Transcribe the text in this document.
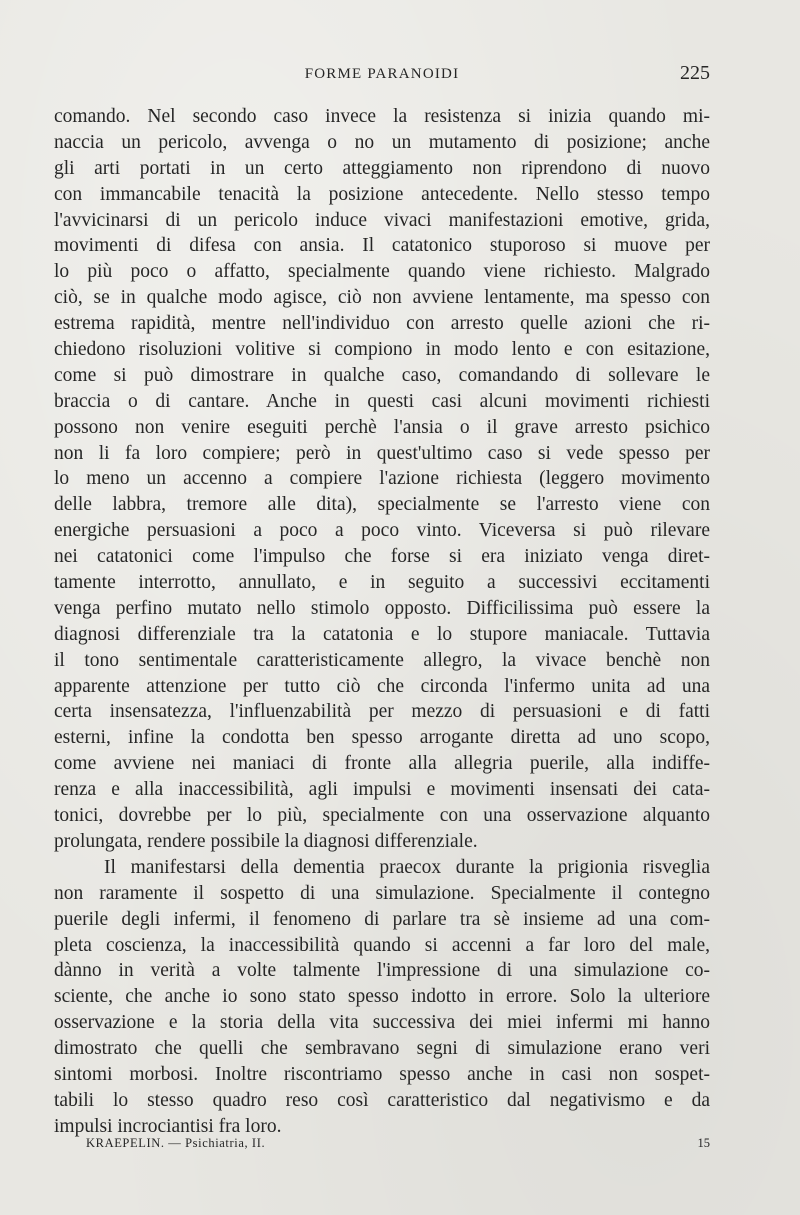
FORME PARANOIDI	225
comando. Nel secondo caso invece la resistenza si inizia quando mi-
naccia un pericolo, avvenga o no un mutamento di posizione; anche
gli arti portati in un certo atteggiamento non riprendono di nuovo
con immancabile tenacità la posizione antecedente. Nello stesso tempo
l'avvicinarsi di un pericolo induce vivaci manifestazioni emotive, grida,
movimenti di difesa con ansia. Il catatonico stuporoso si muove per
lo più poco o affatto, specialmente quando viene richiesto. Malgrado
ciò, se in qualche modo agisce, ciò non avviene lentamente, ma spesso con
estrema rapidità, mentre nell'individuo con arresto quelle azioni che ri-
chiedono risoluzioni volitive si compiono in modo lento e con esitazione,
come si può dimostrare in qualche caso, comandando di sollevare le
braccia o di cantare. Anche in questi casi alcuni movimenti richiesti
possono non venire eseguiti perchè l'ansia o il grave arresto psichico
non li fa loro compiere; però in quest'ultimo caso si vede spesso per
lo meno un accenno a compiere l'azione richiesta (leggero movimento
delle labbra, tremore alle dita), specialmente se l'arresto viene con
energiche persuasioni a poco a poco vinto. Viceversa si può rilevare
nei catatonici come l'impulso che forse si era iniziato venga diret-
tamente interrotto, annullato, e in seguito a successivi eccitamenti
venga perfino mutato nello stimolo opposto. Difficilissima può essere la
diagnosi differenziale tra la catatonia e lo stupore maniacale. Tuttavia
il tono sentimentale caratteristicamente allegro, la vivace benchè non
apparente attenzione per tutto ciò che circonda l'infermo unita ad una
certa insensatezza, l'influenzabilità per mezzo di persuasioni e di fatti
esterni, infine la condotta ben spesso arrogante diretta ad uno scopo,
come avviene nei maniaci di fronte alla allegria puerile, alla indiffe-
renza e alla inaccessibilità, agli impulsi e movimenti insensati dei cata-
tonici, dovrebbe per lo più, specialmente con una osservazione alquanto
prolungata, rendere possibile la diagnosi differenziale.
Il manifestarsi della dementia praecox durante la prigionia risveglia
non raramente il sospetto di una simulazione. Specialmente il contegno
puerile degli infermi, il fenomeno di parlare tra sè insieme ad una com-
pleta coscienza, la inaccessibilità quando si accenni a far loro del male,
dànno in verità a volte talmente l'impressione di una simulazione co-
sciente, che anche io sono stato spesso indotto in errore. Solo la ulteriore
osservazione e la storia della vita successiva dei miei infermi mi hanno
dimostrato che quelli che sembravano segni di simulazione erano veri
sintomi morbosi. Inoltre riscontriamo spesso anche in casi non sospet-
tabili lo stesso quadro reso così caratteristico dal negativismo e da
impulsi incrociantisi fra loro.
KRAEPELIN. — Psichiatria, II.	15
